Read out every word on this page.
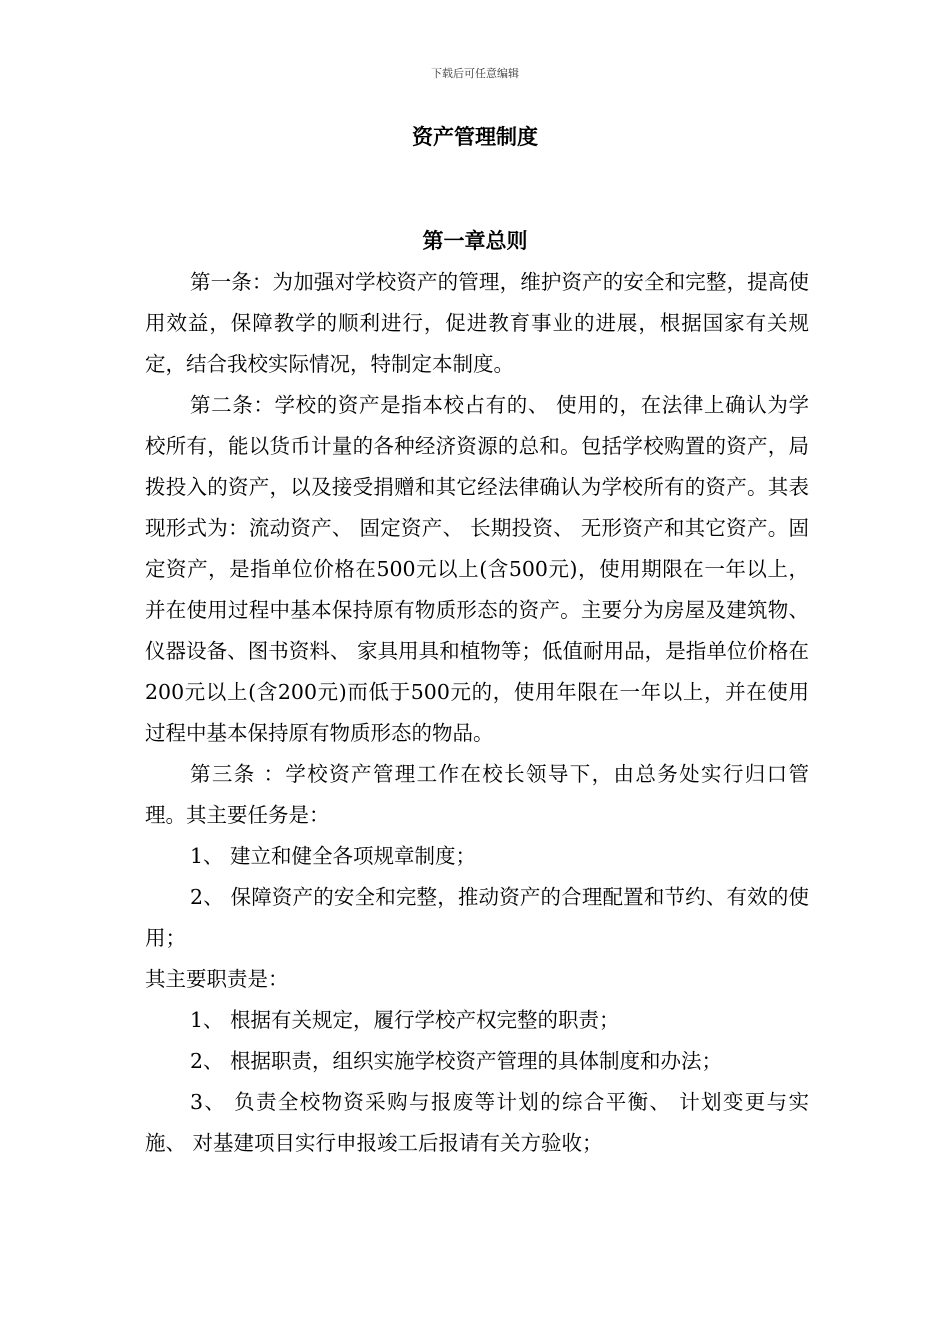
下载后可任意编辑
资产管理制度
第一章总则

第一条：为加强对学校资产的管理，维护资产的安全和完整，提高使用效益，保障教学的顺利进行，促进教育事业的进展，根据国家有关规定，结合我校实际情况，特制定本制度。

第二条：学校的资产是指本校占有的、 使用的，在法律上确认为学校所有，能以货币计量的各种经济资源的总和。包括学校购置的资产，局拨投入的资产，以及接受捐赠和其它经法律确认为学校所有的资产。其表现形式为：流动资产、 固定资产、 长期投资、 无形资产和其它资产。固定资产，是指单位价格在500元以上(含500元)，使用期限在一年以上，并在使用过程中基本保持原有物质形态的资产。主要分为房屋及建筑物、 仪器设备、图书资料、 家具用具和植物等；低值耐用品，是指单位价格在200元以上(含200元)而低于500元的，使用年限在一年以上，并在使用过程中基本保持原有物质形态的物品。

第三条 ：学校资产管理工作在校长领导下，由总务处实行归口管理。其主要任务是：

1、 建立和健全各项规章制度；

2、 保障资产的安全和完整，推动资产的合理配置和节约、有效的使用；

其主要职责是：

1、 根据有关规定，履行学校产权完整的职责；

2、 根据职责，组织实施学校资产管理的具体制度和办法；

3、 负责全校物资采购与报废等计划的综合平衡、 计划变更与实施、 对基建项目实行申报竣工后报请有关方验收；
